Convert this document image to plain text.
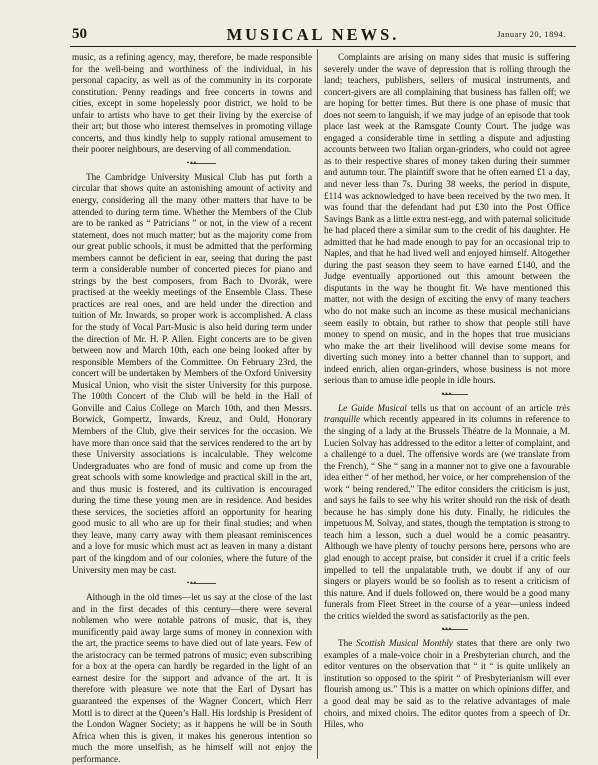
50	MUSICAL NEWS.	January 20, 1894.

music, as a refining agency, may, therefore, be made responsible for the well-being and worthiness of the individual, in his personal capacity, as well as of the community in its corporate constitution. Penny readings and free concerts in towns and cities, except in some hopelessly poor district, we hold to be unfair to artists who have to get their living by the exercise of their art; but those who interest themselves in promoting village concerts, and thus kindly help to supply rational amusement to their poorer neighbours, are deserving of all commendation.

•••

The Cambridge University Musical Club has put forth a circular that shows quite an astonishing amount of activity and energy, considering all the many other matters that have to be attended to during term time. Whether the Members of the Club are to be ranked as “ Patricians ” or not, in the view of a recent statement, does not much matter; but as the majority come from our great public schools, it must be admitted that the performing members cannot be deficient in ear, seeing that during the past term a considerable number of concerted pieces for piano and strings by the best composers, from Bach to Dvorák, were practised at the weekly meetings of the Ensemble Class. These practices are real ones, and are held under the direction and tuition of Mr. Inwards, so proper work is accomplished. A class for the study of Vocal Part-Music is also held during term under the direction of Mr. H. P. Allen. Eight concerts are to be given between now and March 10th, each one being looked after by responsible Members of the Committee. On February 23rd, the concert will be undertaken by Members of the Oxford University Musical Union, who visit the sister University for this purpose. The 100th Concert of the Club will be held in the Hall of Gonville and Caius College on March 10th, and then Messrs. Borwick, Gompertz, Inwards, Kreuz, and Ould, Honorary Members of the Club, give their services for the occasion. We have more than once said that the services rendered to the art by these University associations is incalculable. They welcome Undergraduates who are fond of music and come up from the great schools with some knowledge and practical skill in the art, and thus music is fostered, and its cultivation is encouraged during the time these young men are in residence. And besides these services, the societies afford an opportunity for hearing good music to all who are up for their final studies; and when they leave, many carry away with them pleasant reminiscences and a love for music which must act as leaven in many a distant part of the kingdom and of our colonies, where the future of the University men may be cast.

•••

Although in the old times—let us say at the close of the last and in the first decades of this century—there were several noblemen who were notable patrons of music, that is, they munificently paid away large sums of money in connexion with the art, the practice seems to have died out of late years. Few of the aristocracy can be termed patrons of music; even subscribing for a box at the opera can hardly be regarded in the light of an earnest desire for the support and advance of the art. It is therefore with pleasure we note that the Earl of Dysart has guaranteed the expenses of the Wagner Concert, which Herr Mottl is to direct at the Queen’s Hall. His lordship is President of the London Wagner Society; as it happens he will be in South Africa when this is given, it makes his generous intention so much the more unselfish, as he himself will not enjoy the performance.

Complaints are arising on many sides that music is suffering severely under the wave of depression that is rolling through the land; teachers, publishers, sellers of musical instruments, and concert-givers are all complaining that business has fallen off; we are hoping for better times. But there is one phase of music that does not seem to languish, if we may judge of an episode that took place last week at the Ramsgate County Court. The judge was engaged a considerable time in settling a dispute and adjusting accounts between two Italian organ-grinders, who could not agree as to their respective shares of money taken during their summer and autumn tour. The plaintiff swore that he often earned £1 a day, and never less than 7s. During 38 weeks, the period in dispute, £114 was acknowledged to have been received by the two men. It was found that the defendant had put £30 into the Post Office Savings Bank as a little extra nest-egg, and with paternal solicitude he had placed there a similar sum to the credit of his daughter. He admitted that he had made enough to pay for an occasional trip to Naples, and that he had lived well and enjoyed himself. Altogether during the past season they seem to have earned £140, and the Judge eventually apportioned out this amount between the disputants in the way he thought fit. We have mentioned this matter, not with the design of exciting the envy of many teachers who do not make such an income as these musical mechanicians seem easily to obtain, but rather to show that people still have money to spend on music, and in the hopes that true musicians who make the art their livelihood will devise some means for diverting such money into a better channel than to support, and indeed enrich, alien organ-grinders, whose business is not more serious than to amuse idle people in idle hours.

•••

Le Guide Musical tells us that on account of an article très tranquille which recently appeared in its columns in reference to the singing of a lady at the Brussels Théatre de la Monnaie, a M. Lucien Solvay has addressed to the editor a letter of complaint, and a challenge to a duel. The offensive words are (we translate from the French), “ She “ sang in a manner not to give one a favourable idea either “ of her method, her voice, or her comprehension of the work “ being rendered.” The editor considers the criticism is just, and says he fails to see why his writer should run the risk of death because he has simply done his duty. Finally, he ridicules the impetuous M. Solvay, and states, though the temptation is strong to teach him a lesson, such a duel would be a comic peasantry. Although we have plenty of touchy persons here, persons who are glad enough to accept praise, but consider it cruel if a critic feels impelled to tell the unpalatable truth, we doubt if any of our singers or players would be so foolish as to resent a criticism of this nature. And if duels followed on, there would be a good many funerals from Fleet Street in the course of a year—unless indeed the critics wielded the sword as satisfactorily as the pen.

•••

The Scottish Musical Monthly states that there are only two examples of a male-voice choir in a Presbyterian church, and the editor ventures on the observation that “ it “ is quite unlikely an institution so opposed to the spirit “ of Presbyterianism will ever flourish among us.” This is a matter on which opinions differ, and a good deal may be said as to the relative advantages of male choirs, and mixed choirs. The editor quotes from a speech of Dr. Hiles, who
